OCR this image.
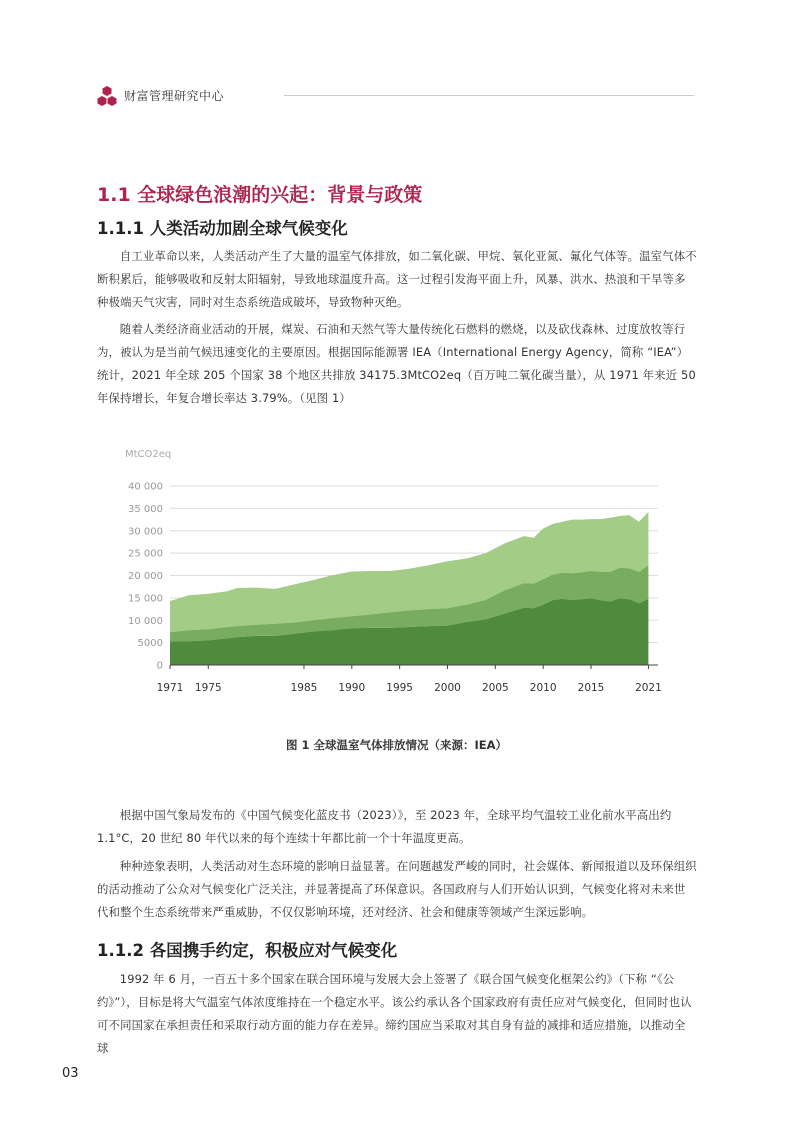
财富管理研究中心
1.1 全球绿色浪潮的兴起：背景与政策
1.1.1 人类活动加剧全球气候变化

自工业革命以来，人类活动产生了大量的温室气体排放，如二氧化碳、甲烷、氧化亚氮、氟化气体等。温室气体不断积累后，能够吸收和反射太阳辐射，导致地球温度升高。这一过程引发海平面上升，风暴、洪水、热浪和干旱等多种极端天气灾害，同时对生态系统造成破坏，导致物种灭绝。

随着人类经济商业活动的开展，煤炭、石油和天然气等大量传统化石燃料的燃烧，以及砍伐森林、过度放牧等行为，被认为是当前气候迅速变化的主要原因。根据国际能源署 IEA（International Energy Agency，简称 “IEA”）统计，2021 年全球 205 个国家 38 个地区共排放 34175.3MtCO2eq（百万吨二氧化碳当量），从 1971 年来近 50 年保持增长，年复合增长率达 3.79%。（见图 1）

0
5000
10 000
15 000
20 000
25 000
30 000
35 000
40 000
MtCO2eq
1971 1975	1985 1990 1995 2000 2005 2010 2015	2021
图 1 全球温室气体排放情况（来源：IEA）

根据中国气象局发布的《中国气候变化蓝皮书（2023）》，至 2023 年，全球平均气温较工业化前水平高出约 1.1°C，20 世纪 80 年代以来的每个连续十年都比前一个十年温度更高。

种种迹象表明，人类活动对生态环境的影响日益显著。在问题越发严峻的同时，社会媒体、新闻报道以及环保组织的活动推动了公众对气候变化广泛关注，并显著提高了环保意识。各国政府与人们开始认识到，气候变化将对未来世代和整个生态系统带来严重威胁，不仅仅影响环境，还对经济、社会和健康等领域产生深远影响。

1.1.2 各国携手约定，积极应对气候变化

1992 年 6 月，一百五十多个国家在联合国环境与发展大会上签署了《联合国气候变化框架公约》（下称 “《公约》”），目标是将大气温室气体浓度维持在一个稳定水平。该公约承认各个国家政府有责任应对气候变化，但同时也认可不同国家在承担责任和采取行动方面的能力存在差异。缔约国应当采取对其自身有益的减排和适应措施，以推动全球

03
